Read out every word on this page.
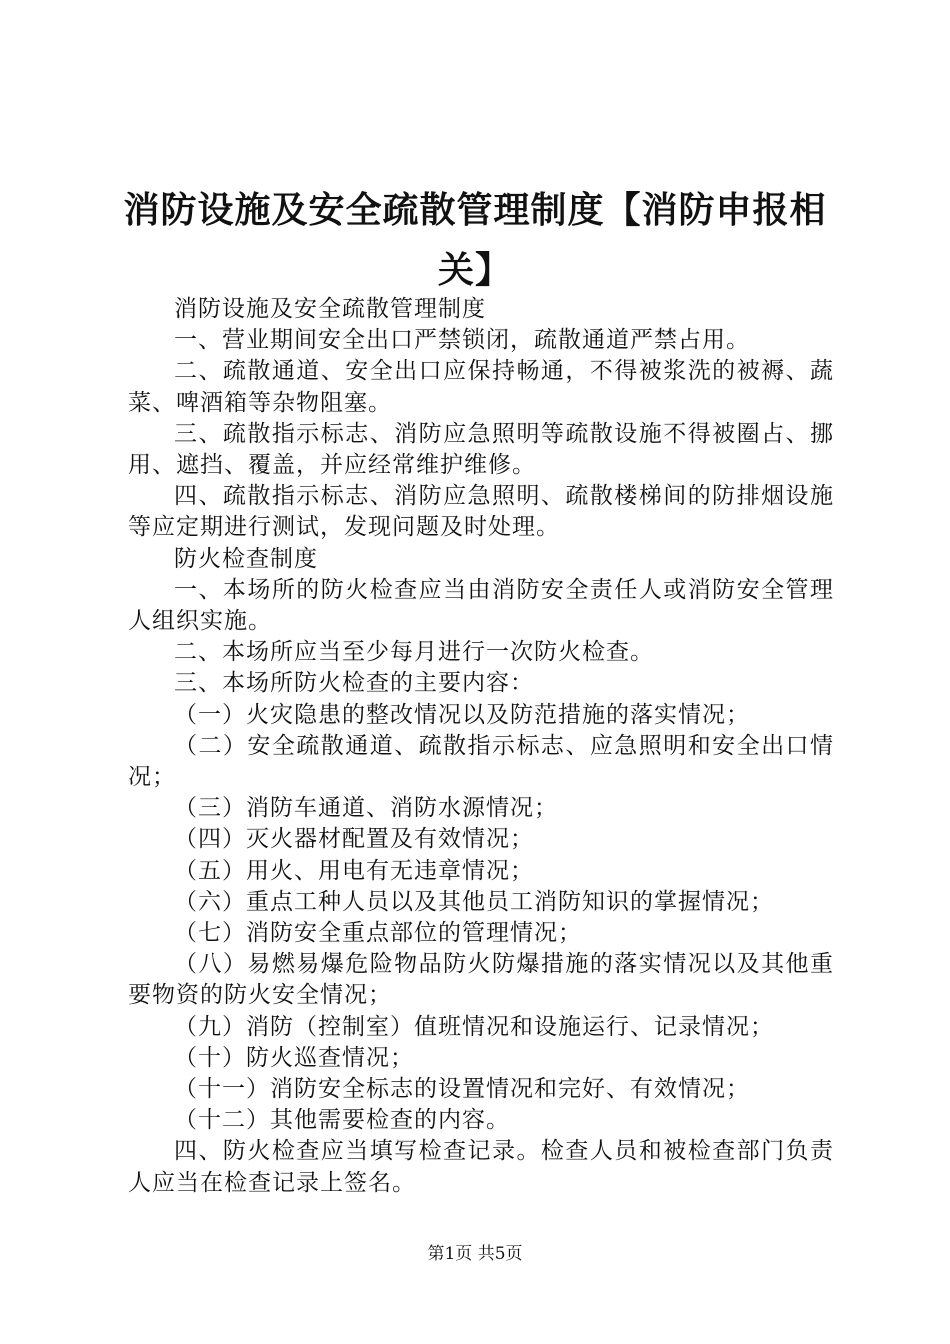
消防设施及安全疏散管理制度【消防申报相关】

消防设施及安全疏散管理制度

一、营业期间安全出口严禁锁闭，疏散通道严禁占用。

二、疏散通道、安全出口应保持畅通，不得被浆洗的被褥、蔬菜、啤酒箱等杂物阻塞。

三、疏散指示标志、消防应急照明等疏散设施不得被圈占、挪用、遮挡、覆盖，并应经常维护维修。

四、疏散指示标志、消防应急照明、疏散楼梯间的防排烟设施等应定期进行测试，发现问题及时处理。

防火检查制度

一、本场所的防火检查应当由消防安全责任人或消防安全管理人组织实施。

二、本场所应当至少每月进行一次防火检查。

三、本场所防火检查的主要内容：

（一）火灾隐患的整改情况以及防范措施的落实情况；

（二）安全疏散通道、疏散指示标志、应急照明和安全出口情况；

（三）消防车通道、消防水源情况；

（四）灭火器材配置及有效情况；

（五）用火、用电有无违章情况；

（六）重点工种人员以及其他员工消防知识的掌握情况；

（七）消防安全重点部位的管理情况；

（八）易燃易爆危险物品防火防爆措施的落实情况以及其他重要物资的防火安全情况；

（九）消防（控制室）值班情况和设施运行、记录情况；

（十）防火巡查情况；

（十一）消防安全标志的设置情况和完好、有效情况；

（十二）其他需要检查的内容。

四、防火检查应当填写检查记录。检查人员和被检查部门负责人应当在检查记录上签名。

第1页 共5页
